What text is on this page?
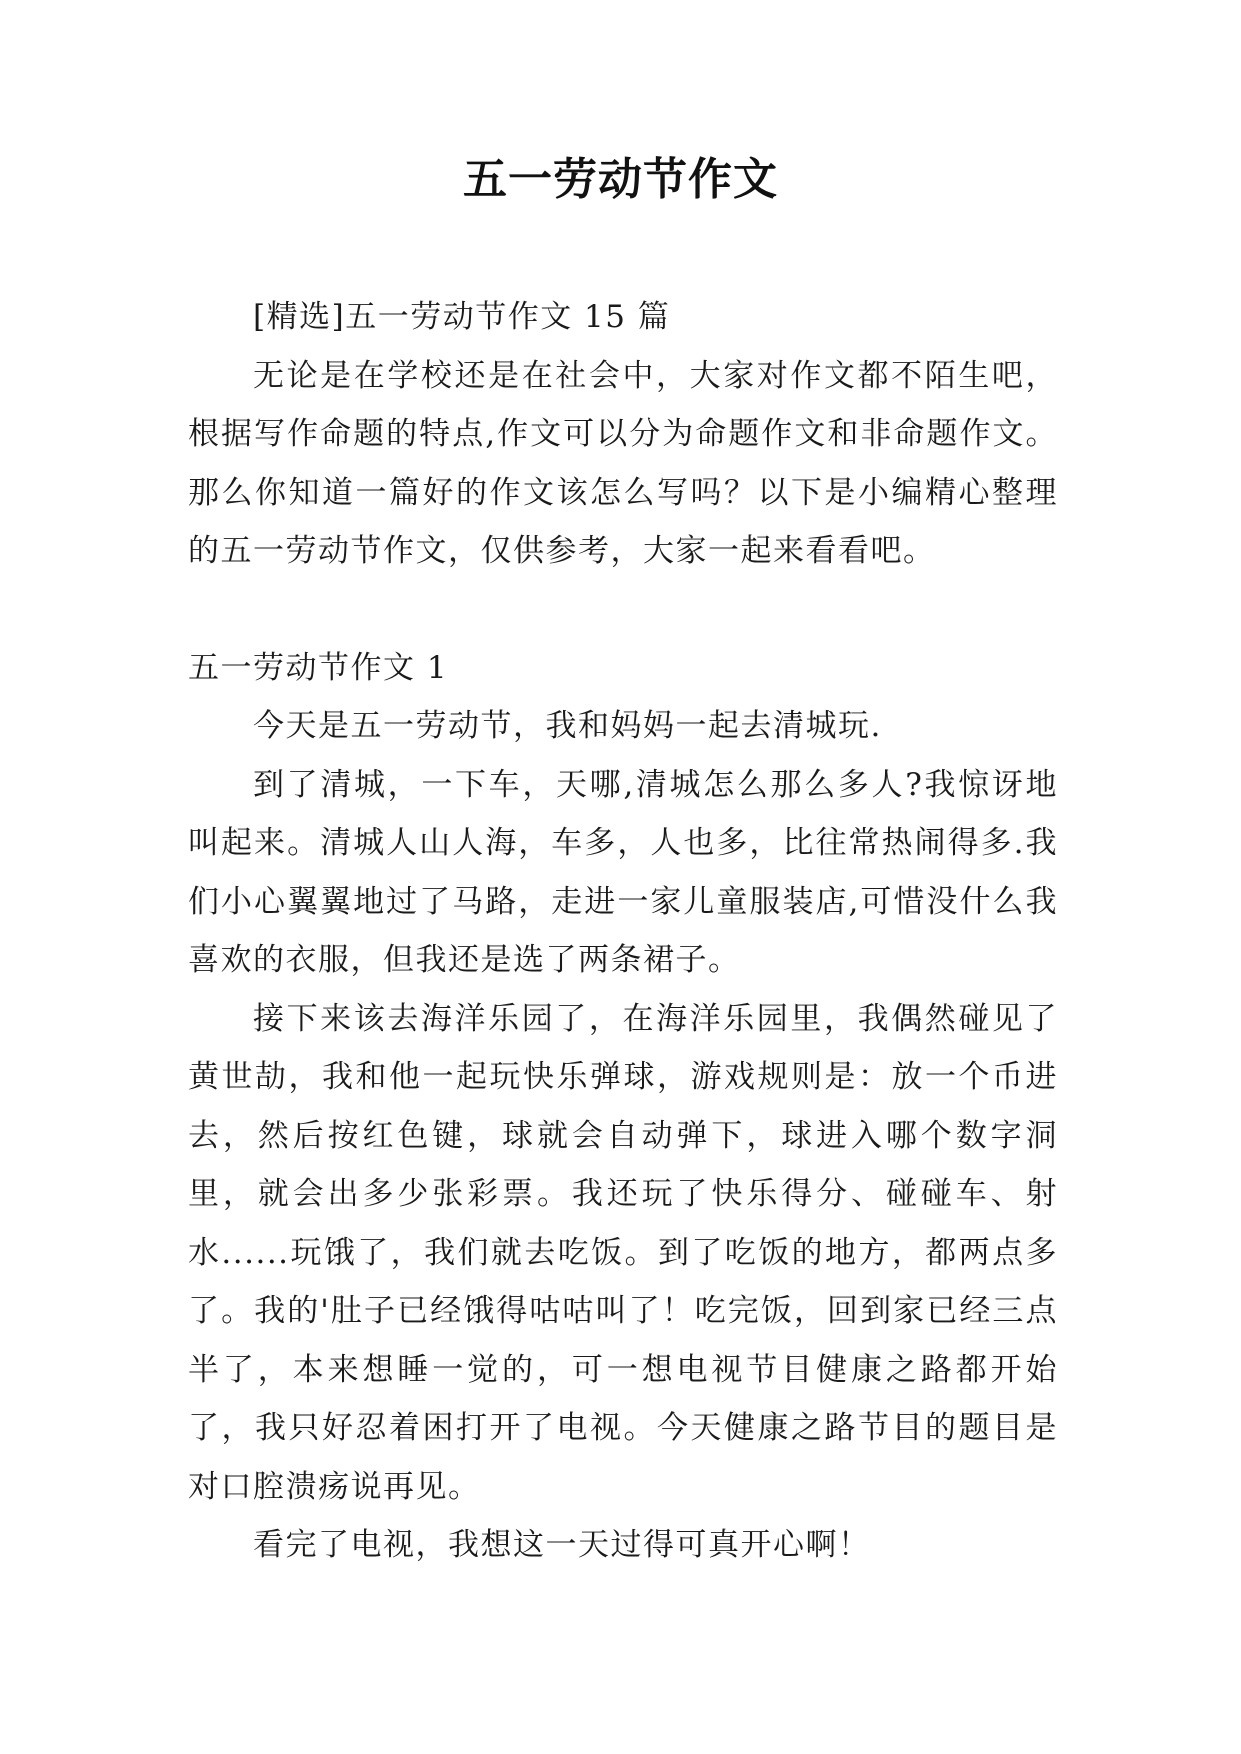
五一劳动节作文

[精选]五一劳动节作文 15 篇

无论是在学校还是在社会中，大家对作文都不陌生吧，根据写作命题的特点,作文可以分为命题作文和非命题作文。那么你知道一篇好的作文该怎么写吗？以下是小编精心整理的五一劳动节作文，仅供参考，大家一起来看看吧。

五一劳动节作文 1

今天是五一劳动节，我和妈妈一起去清城玩.

到了清城，一下车，天哪,清城怎么那么多人?我惊讶地叫起来。清城人山人海，车多，人也多，比往常热闹得多.我们小心翼翼地过了马路，走进一家儿童服装店,可惜没什么我喜欢的衣服，但我还是选了两条裙子。

接下来该去海洋乐园了，在海洋乐园里，我偶然碰见了黄世劼，我和他一起玩快乐弹球，游戏规则是：放一个币进去，然后按红色键，球就会自动弹下，球进入哪个数字洞里，就会出多少张彩票。我还玩了快乐得分、碰碰车、射水......玩饿了，我们就去吃饭。到了吃饭的地方，都两点多了。我的'肚子已经饿得咕咕叫了！吃完饭，回到家已经三点半了，本来想睡一觉的，可一想电视节目健康之路都开始了，我只好忍着困打开了电视。今天健康之路节目的题目是对口腔溃疡说再见。

看完了电视，我想这一天过得可真开心啊！
